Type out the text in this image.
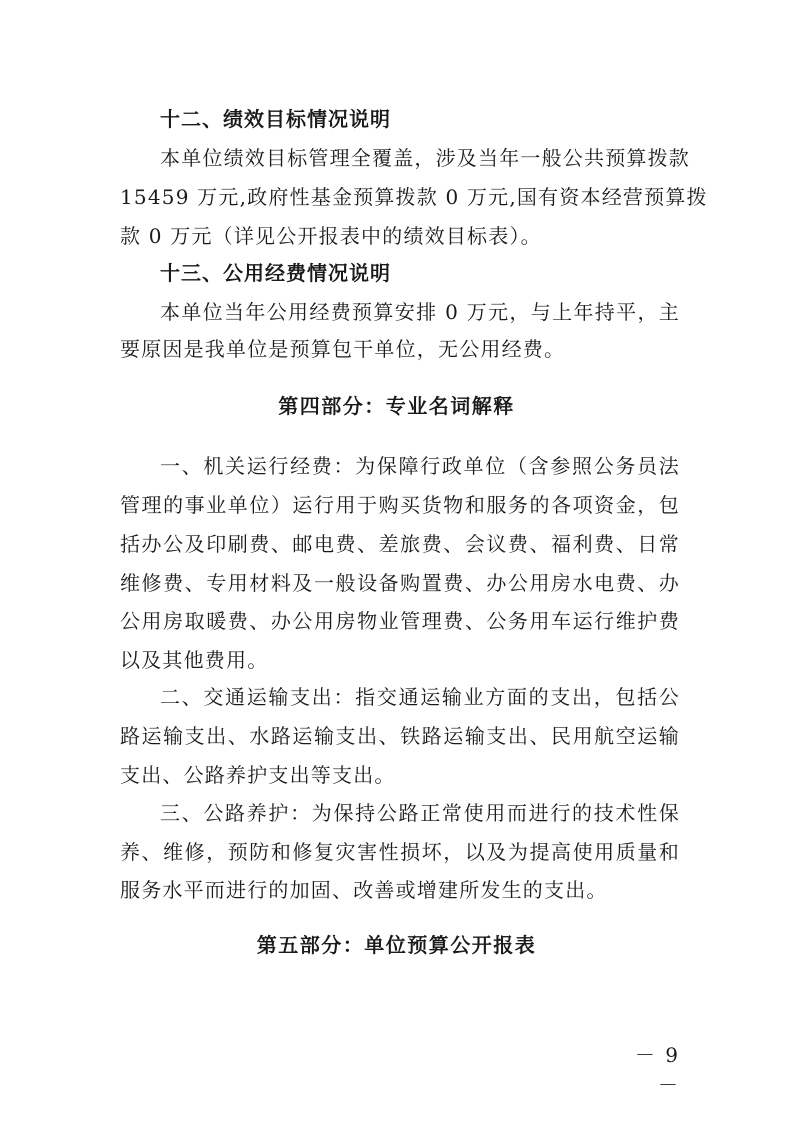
十二、绩效目标情况说明
本单位绩效目标管理全覆盖，涉及当年一般公共预算拨款
15459 万元,政府性基金预算拨款 0 万元,国有资本经营预算拨
款 0 万元（详见公开报表中的绩效目标表）。
十三、公用经费情况说明
本单位当年公用经费预算安排 0 万元，与上年持平，主
要原因是我单位是预算包干单位，无公用经费。
第四部分：专业名词解释
一、机关运行经费：为保障行政单位（含参照公务员法
管理的事业单位）运行用于购买货物和服务的各项资金，包
括办公及印刷费、邮电费、差旅费、会议费、福利费、日常
维修费、专用材料及一般设备购置费、办公用房水电费、办
公用房取暖费、办公用房物业管理费、公务用车运行维护费
以及其他费用。
二、交通运输支出：指交通运输业方面的支出，包括公
路运输支出、水路运输支出、铁路运输支出、民用航空运输
支出、公路养护支出等支出。
三、公路养护：为保持公路正常使用而进行的技术性保
养、维修，预防和修复灾害性损坏，以及为提高使用质量和
服务水平而进行的加固、改善或增建所发生的支出。
第五部分：单位预算公开报表
－ 9 －
